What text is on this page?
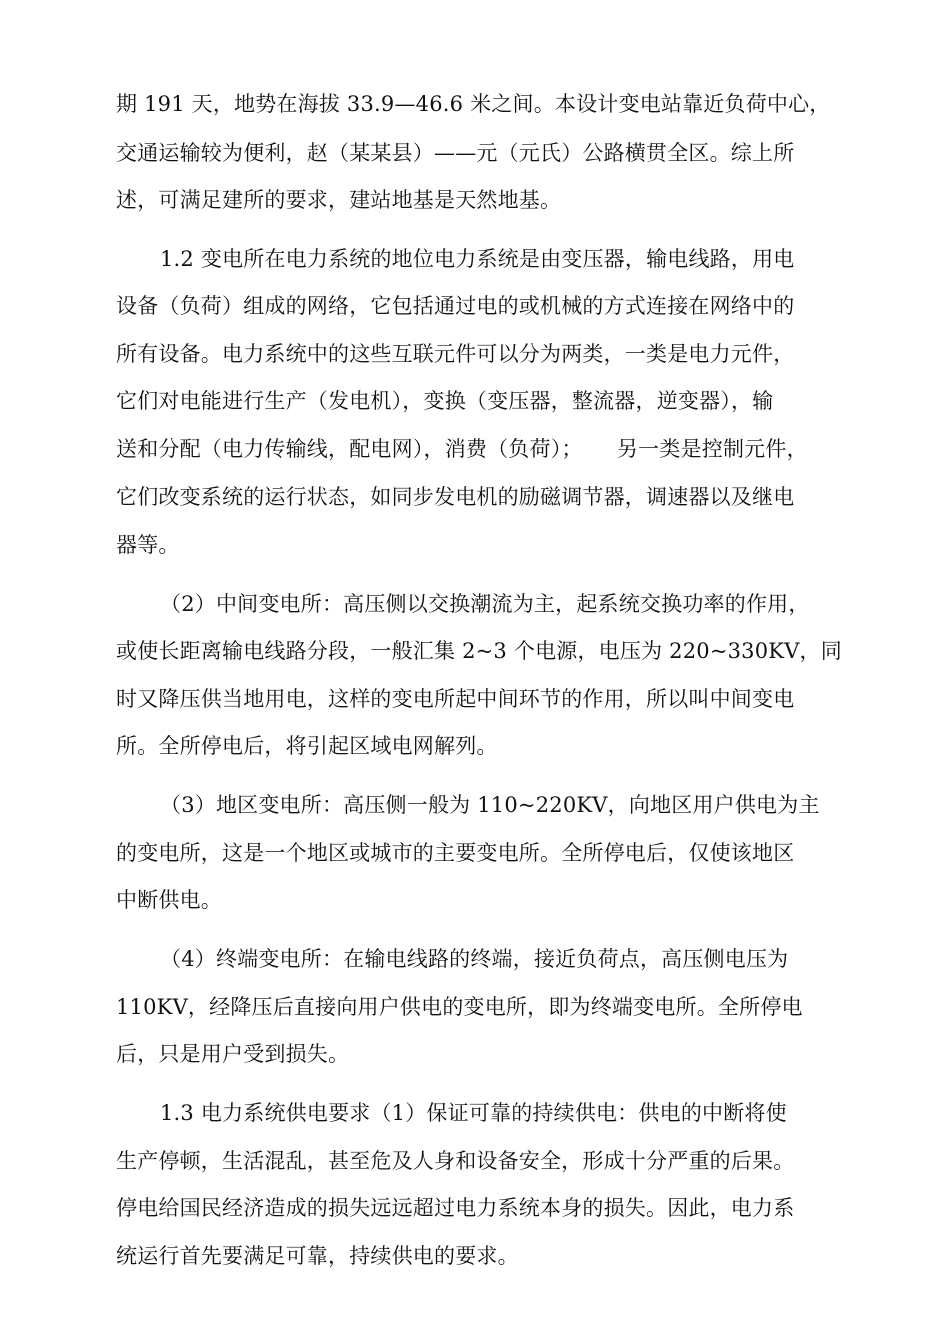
期 191 天，地势在海拔 33.9—46.6 米之间。本设计变电站靠近负荷中心，
交通运输较为便利，赵（某某县）——元（元氏）公路横贯全区。综上所
述，可满足建所的要求，建站地基是天然地基。
1.2 变电所在电力系统的地位电力系统是由变压器，输电线路，用电
设备（负荷）组成的网络，它包括通过电的或机械的方式连接在网络中的
所有设备。电力系统中的这些互联元件可以分为两类，一类是电力元件，
它们对电能进行生产（发电机），变换（变压器，整流器，逆变器），输
送和分配（电力传输线，配电网），消费（负荷）；     另一类是控制元件，
它们改变系统的运行状态，如同步发电机的励磁调节器，调速器以及继电
器等。
（2）中间变电所：高压侧以交换潮流为主，起系统交换功率的作用，
或使长距离输电线路分段，一般汇集 2~3 个电源，电压为 220~330KV，同
时又降压供当地用电，这样的变电所起中间环节的作用，所以叫中间变电
所。全所停电后，将引起区域电网解列。
（3）地区变电所：高压侧一般为 110~220KV，向地区用户供电为主
的变电所，这是一个地区或城市的主要变电所。全所停电后，仅使该地区
中断供电。
（4）终端变电所：在输电线路的终端，接近负荷点，高压侧电压为
110KV，经降压后直接向用户供电的变电所，即为终端变电所。全所停电
后，只是用户受到损失。
1.3 电力系统供电要求（1）保证可靠的持续供电：供电的中断将使
生产停顿，生活混乱，甚至危及人身和设备安全，形成十分严重的后果。
停电给国民经济造成的损失远远超过电力系统本身的损失。因此，电力系
统运行首先要满足可靠，持续供电的要求。
